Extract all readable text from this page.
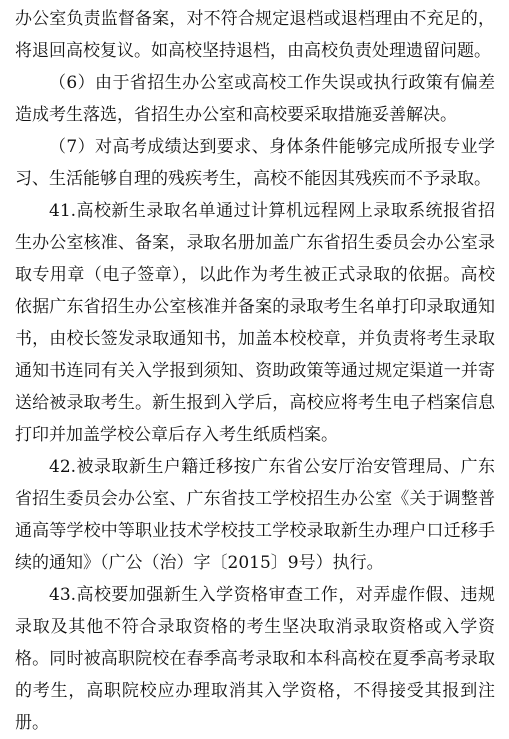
办公室负责监督备案，对不符合规定退档或退档理由不充足的，将退回高校复议。如高校坚持退档，由高校负责处理遗留问题。

（6）由于省招生办公室或高校工作失误或执行政策有偏差造成考生落选，省招生办公室和高校要采取措施妥善解决。

（7）对高考成绩达到要求、身体条件能够完成所报专业学习、生活能够自理的残疾考生，高校不能因其残疾而不予录取。

41.高校新生录取名单通过计算机远程网上录取系统报省招生办公室核准、备案，录取名册加盖广东省招生委员会办公室录取专用章（电子签章），以此作为考生被正式录取的依据。高校依据广东省招生办公室核准并备案的录取考生名单打印录取通知书，由校长签发录取通知书，加盖本校校章，并负责将考生录取通知书连同有关入学报到须知、资助政策等通过规定渠道一并寄送给被录取考生。新生报到入学后，高校应将考生电子档案信息打印并加盖学校公章后存入考生纸质档案。

42.被录取新生户籍迁移按广东省公安厅治安管理局、广东省招生委员会办公室、广东省技工学校招生办公室《关于调整普通高等学校中等职业技术学校技工学校录取新生办理户口迁移手续的通知》（广公（治）字〔2015〕9号）执行。

43.高校要加强新生入学资格审查工作，对弄虚作假、违规录取及其他不符合录取资格的考生坚决取消录取资格或入学资格。同时被高职院校在春季高考录取和本科高校在夏季高考录取的考生，高职院校应办理取消其入学资格，不得接受其报到注册。
